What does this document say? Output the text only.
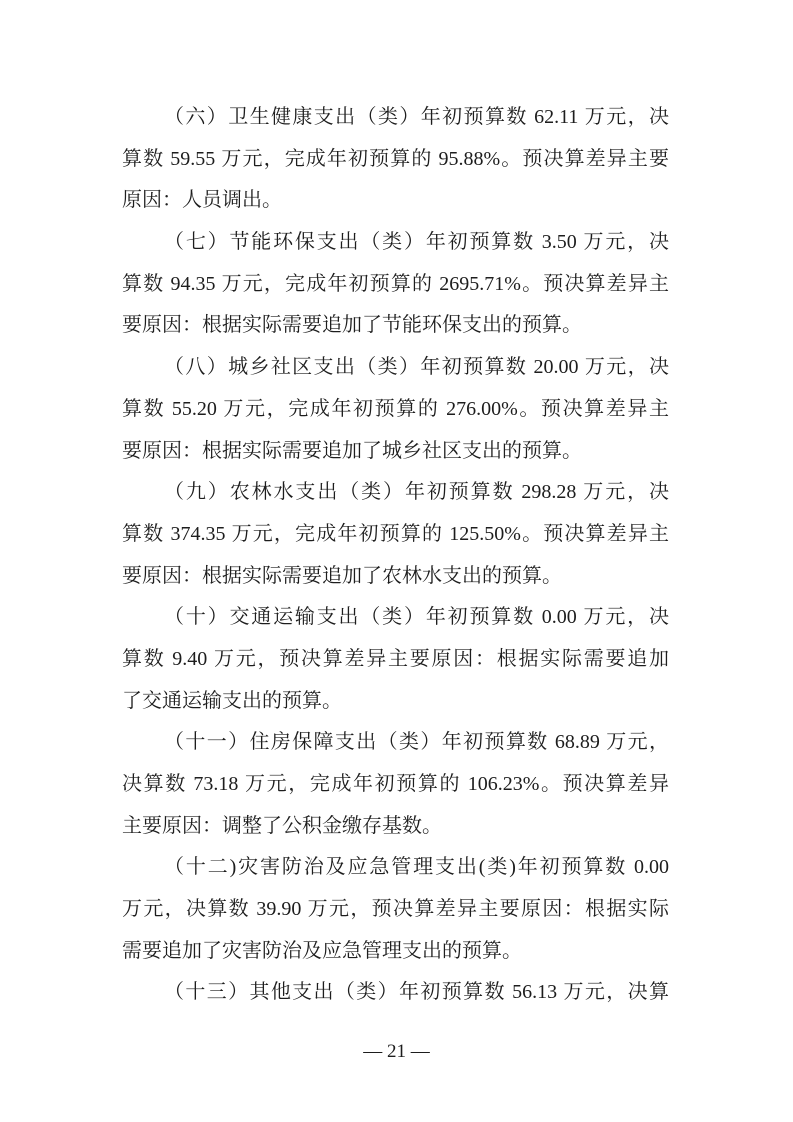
（六）卫生健康支出（类）年初预算数 62.11 万元，决
算数 59.55 万元，完成年初预算的 95.88%。预决算差异主要
原因：人员调出。
（七）节能环保支出（类）年初预算数 3.50 万元，决
算数 94.35 万元，完成年初预算的 2695.71%。预决算差异主
要原因：根据实际需要追加了节能环保支出的预算。
（八）城乡社区支出（类）年初预算数 20.00 万元，决
算数 55.20 万元，完成年初预算的 276.00%。预决算差异主
要原因：根据实际需要追加了城乡社区支出的预算。
（九）农林水支出（类）年初预算数 298.28 万元，决
算数 374.35 万元，完成年初预算的 125.50%。预决算差异主
要原因：根据实际需要追加了农林水支出的预算。
（十）交通运输支出（类）年初预算数 0.00 万元，决
算数 9.40 万元，预决算差异主要原因：根据实际需要追加
了交通运输支出的预算。
（十一）住房保障支出（类）年初预算数 68.89 万元，
决算数 73.18 万元，完成年初预算的 106.23%。预决算差异
主要原因：调整了公积金缴存基数。
（十二)灾害防治及应急管理支出(类)年初预算数 0.00
万元，决算数 39.90 万元，预决算差异主要原因：根据实际
需要追加了灾害防治及应急管理支出的预算。
（十三）其他支出（类）年初预算数 56.13 万元，决算
— 21 —
